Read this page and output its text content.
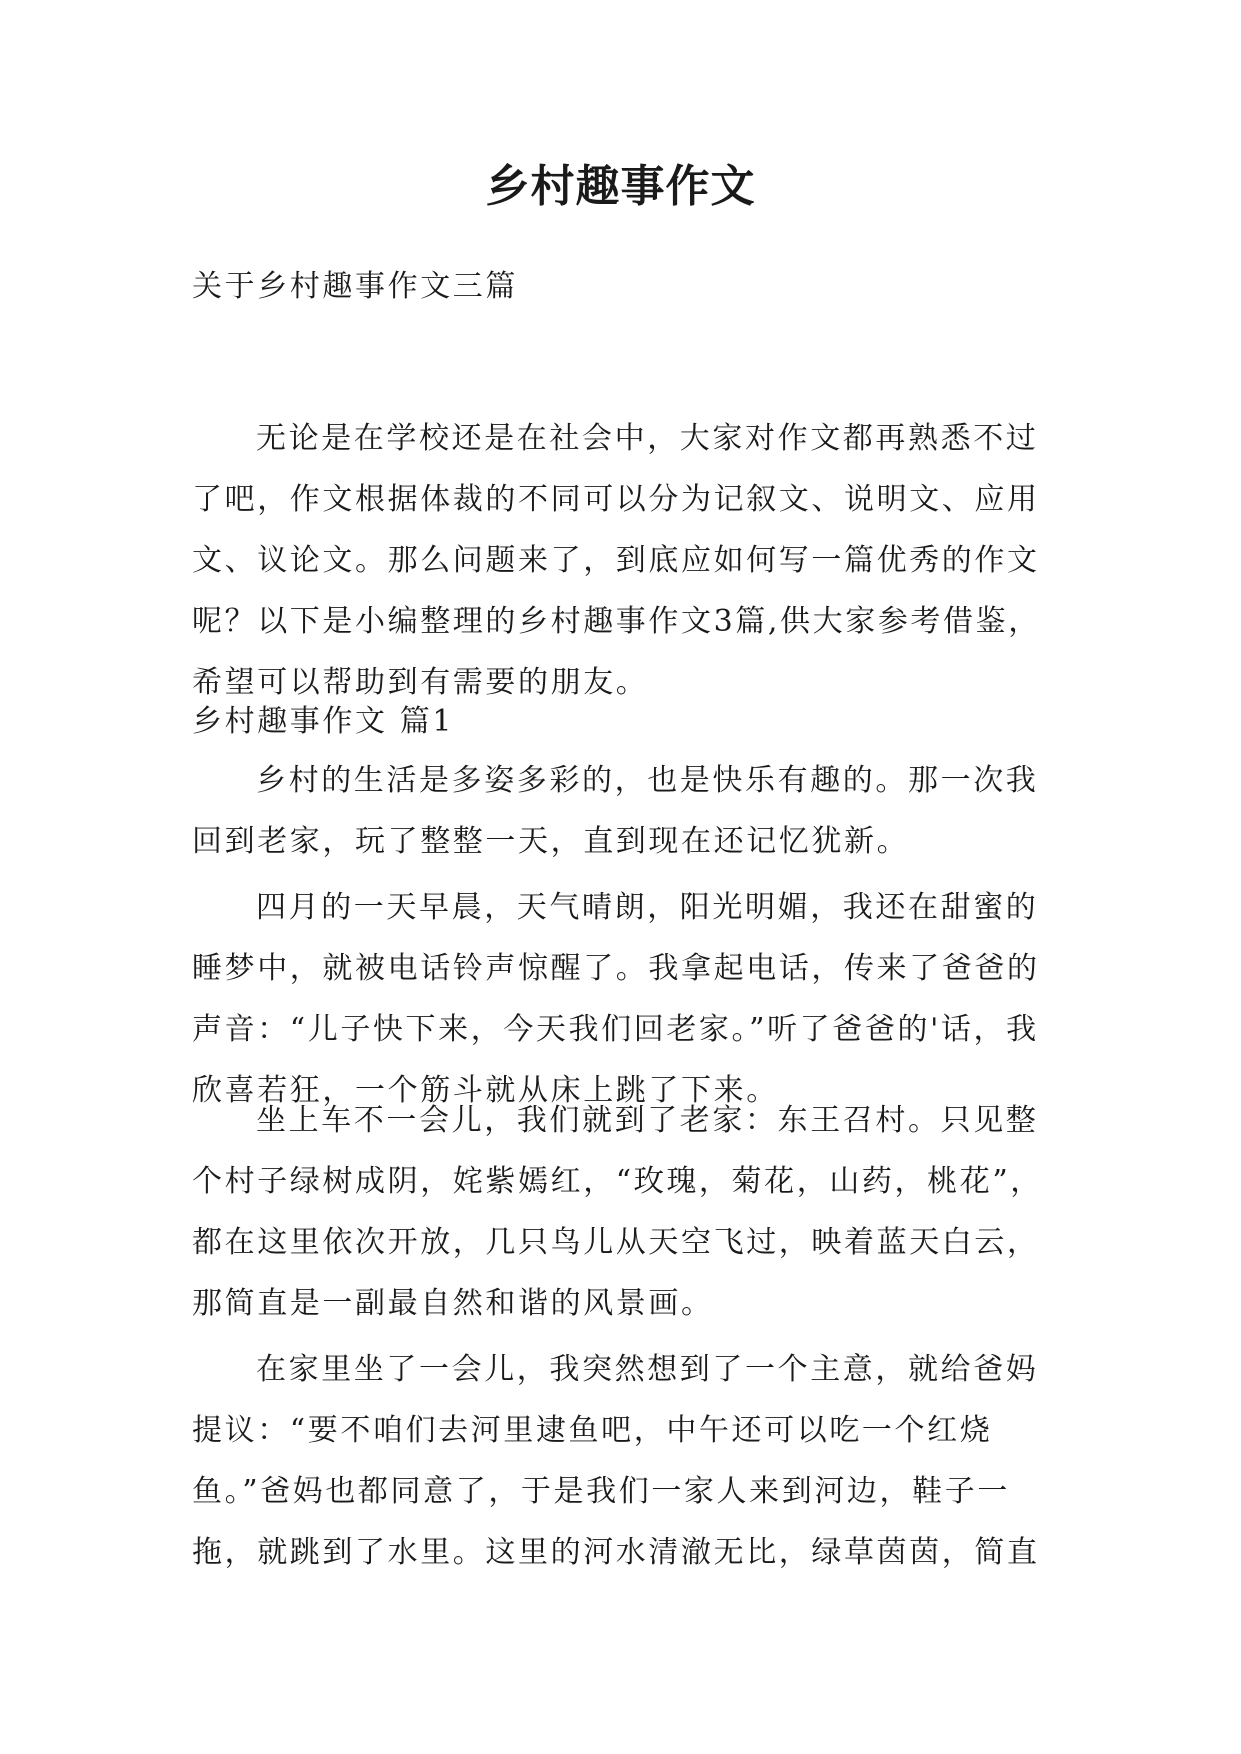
乡村趣事作文

关于乡村趣事作文三篇

无论是在学校还是在社会中，大家对作文都再熟悉不过了吧，作文根据体裁的不同可以分为记叙文、说明文、应用文、议论文。那么问题来了，到底应如何写一篇优秀的作文呢？以下是小编整理的乡村趣事作文3篇,供大家参考借鉴，希望可以帮助到有需要的朋友。

乡村趣事作文 篇1

乡村的生活是多姿多彩的，也是快乐有趣的。那一次我回到老家，玩了整整一天，直到现在还记忆犹新。

四月的一天早晨，天气晴朗，阳光明媚，我还在甜蜜的睡梦中，就被电话铃声惊醒了。我拿起电话，传来了爸爸的声音：“儿子快下来，今天我们回老家。”听了爸爸的'话，我欣喜若狂，一个筋斗就从床上跳了下来。

坐上车不一会儿，我们就到了老家：东王召村。只见整个村子绿树成阴，姹紫嫣红，“玫瑰，菊花，山药，桃花”，都在这里依次开放，几只鸟儿从天空飞过，映着蓝天白云，那简直是一副最自然和谐的风景画。

在家里坐了一会儿，我突然想到了一个主意，就给爸妈提议：“要不咱们去河里逮鱼吧，中午还可以吃一个红烧鱼。”爸妈也都同意了，于是我们一家人来到河边，鞋子一拖，就跳到了水里。这里的河水清澈无比，绿草茵茵，简直
